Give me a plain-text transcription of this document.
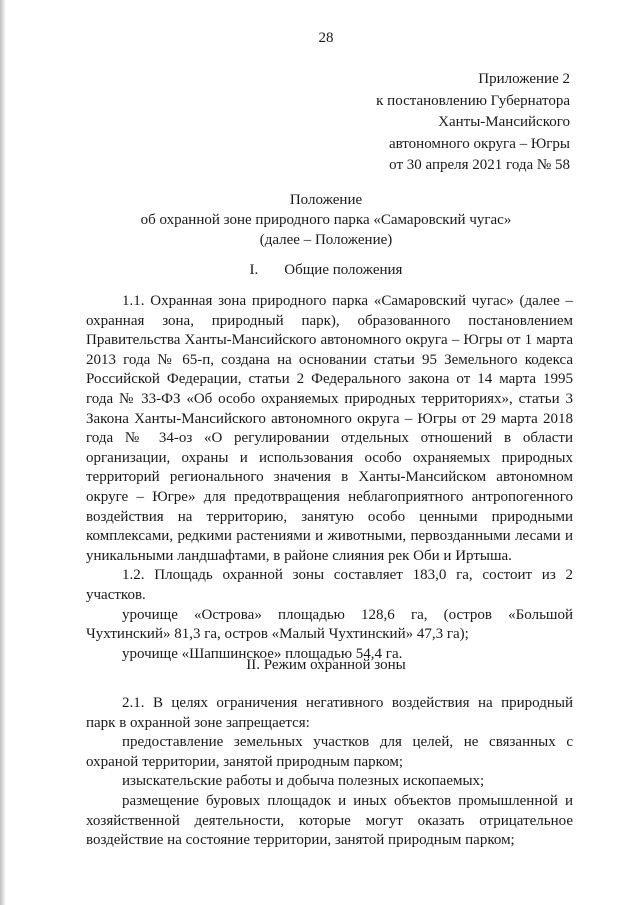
28
Приложение 2
к постановлению Губернатора
Ханты-Мансийского
автономного округа – Югры
от 30 апреля 2021 года № 58
Положение
об охранной зоне природного парка «Самаровский чугас»
(далее – Положение)
I. Общие положения

1.1. Охранная зона природного парка «Самаровский чугас» (далее – охранная зона, природный парк), образованного постановлением Правительства Ханты-Мансийского автономного округа – Югры от 1 марта 2013 года № 65-п, создана на основании статьи 95 Земельного кодекса Российской Федерации, статьи 2 Федерального закона от 14 марта 1995 года № 33-ФЗ «Об особо охраняемых природных территориях», статьи 3 Закона Ханты-Мансийского автономного округа – Югры от 29 марта 2018 года № 34-оз «О регулировании отдельных отношений в области организации, охраны и использования особо охраняемых природных территорий регионального значения в Ханты-Мансийском автономном округе – Югре» для предотвращения неблагоприятного антропогенного воздействия на территорию, занятую особо ценными природными комплексами, редкими растениями и животными, первозданными лесами и уникальными ландшафтами, в районе слияния рек Оби и Иртыша.

1.2. Площадь охранной зоны составляет 183,0 га, состоит из 2 участков.

урочище «Острова» площадью 128,6 га, (остров «Большой Чухтинский» 81,3 га, остров «Малый Чухтинский» 47,3 га);

урочище «Шапшинское» площадью 54,4 га.

II. Режим охранной зоны

2.1. В целях ограничения негативного воздействия на природный парк в охранной зоне запрещается:

предоставление земельных участков для целей, не связанных с охраной территории, занятой природным парком;

изыскательские работы и добыча полезных ископаемых;

размещение буровых площадок и иных объектов промышленной и хозяйственной деятельности, которые могут оказать отрицательное воздействие на состояние территории, занятой природным парком;
